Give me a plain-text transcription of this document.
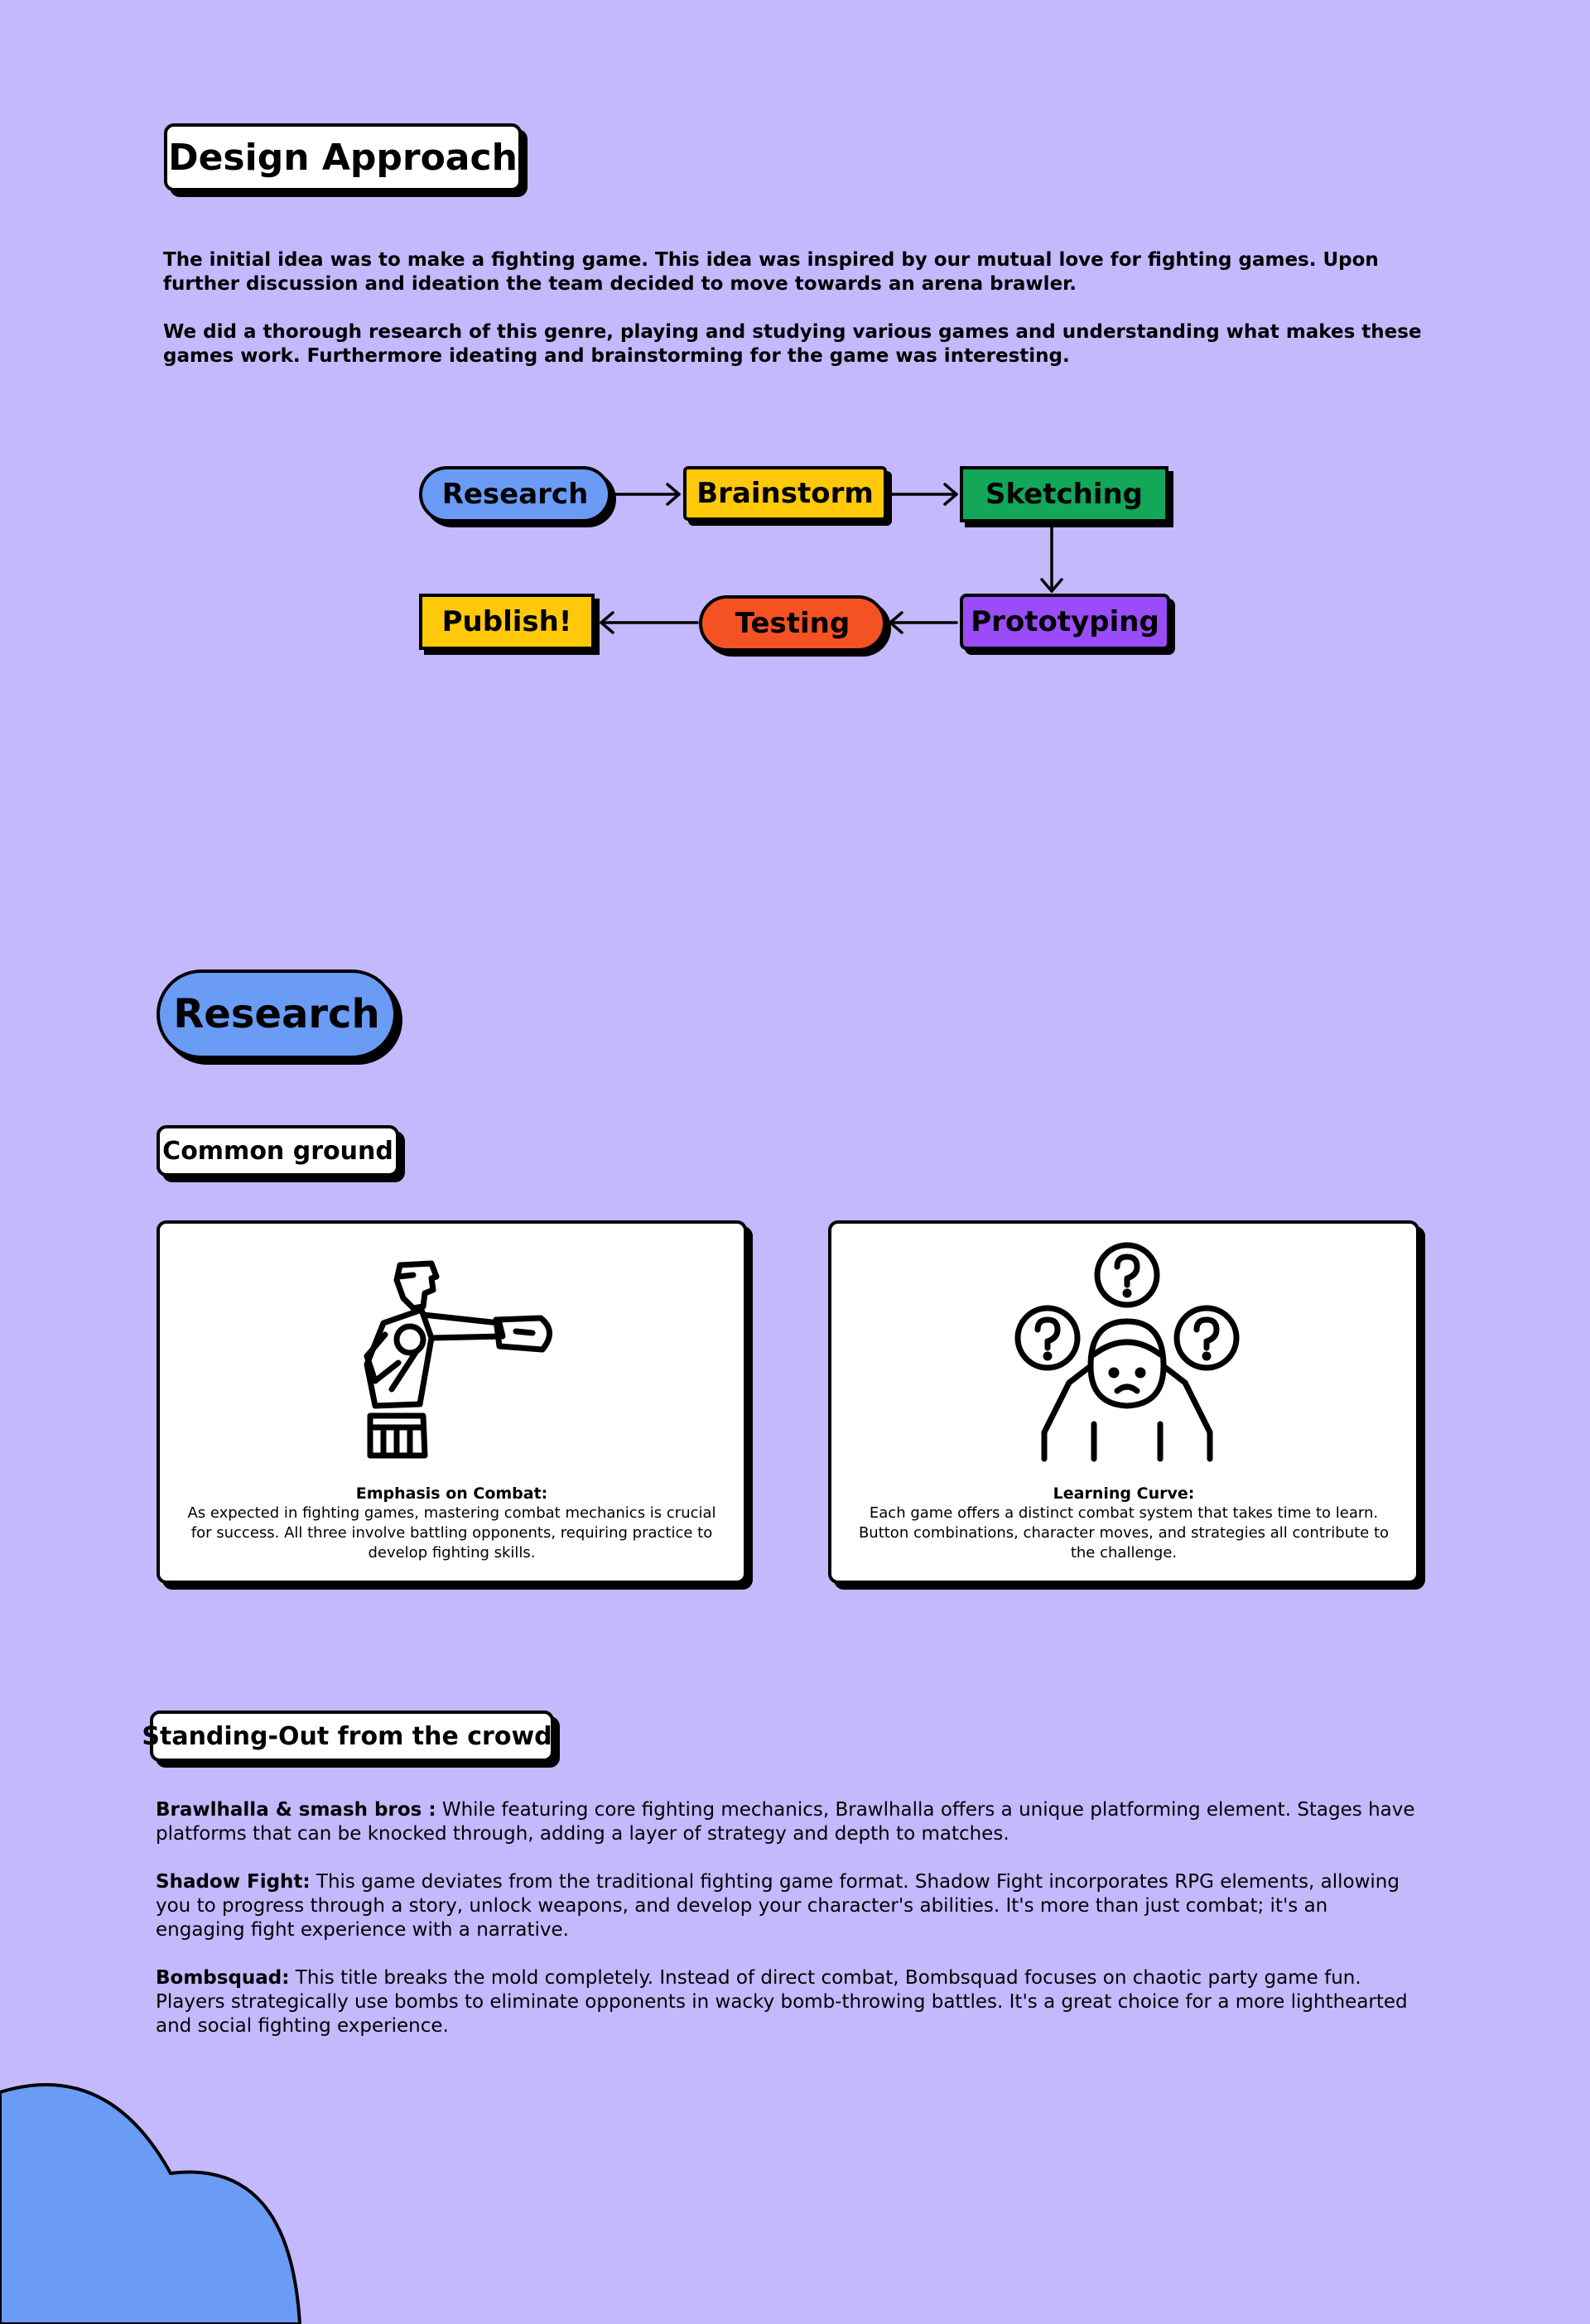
Design Approach

The initial idea was to make a fighting game. This idea was inspired by our mutual love for fighting games. Upon further discussion and ideation the team decided to move towards an arena brawler.

We did a thorough research of this genre, playing and studying various games and understanding what makes these games work. Furthermore ideating and brainstorming for the game was interesting.

Research	Brainstorm	Sketching
Prototyping
Testing
Publish!
Research
Common ground

Emphasis on Combat:

As expected in fighting games, mastering combat mechanics is crucial for success. All three involve battling opponents, requiring practice to develop fighting skills.

Learning Curve:

Each game offers a distinct combat system that takes time to learn. Button combinations, character moves, and strategies all contribute to the challenge.

Standing-Out from the crowd:

Brawlhalla & smash bros : While featuring core fighting mechanics, Brawlhalla offers a unique platforming element. Stages have platforms that can be knocked through, adding a layer of strategy and depth to matches.

Shadow Fight: This game deviates from the traditional fighting game format. Shadow Fight incorporates RPG elements, allowing you to progress through a story, unlock weapons, and develop your character's abilities. It's more than just combat; it's an engaging fight experience with a narrative.

Bombsquad: This title breaks the mold completely. Instead of direct combat, Bombsquad focuses on chaotic party game fun. Players strategically use bombs to eliminate opponents in wacky bomb-throwing battles. It's a great choice for a more lighthearted and social fighting experience.
